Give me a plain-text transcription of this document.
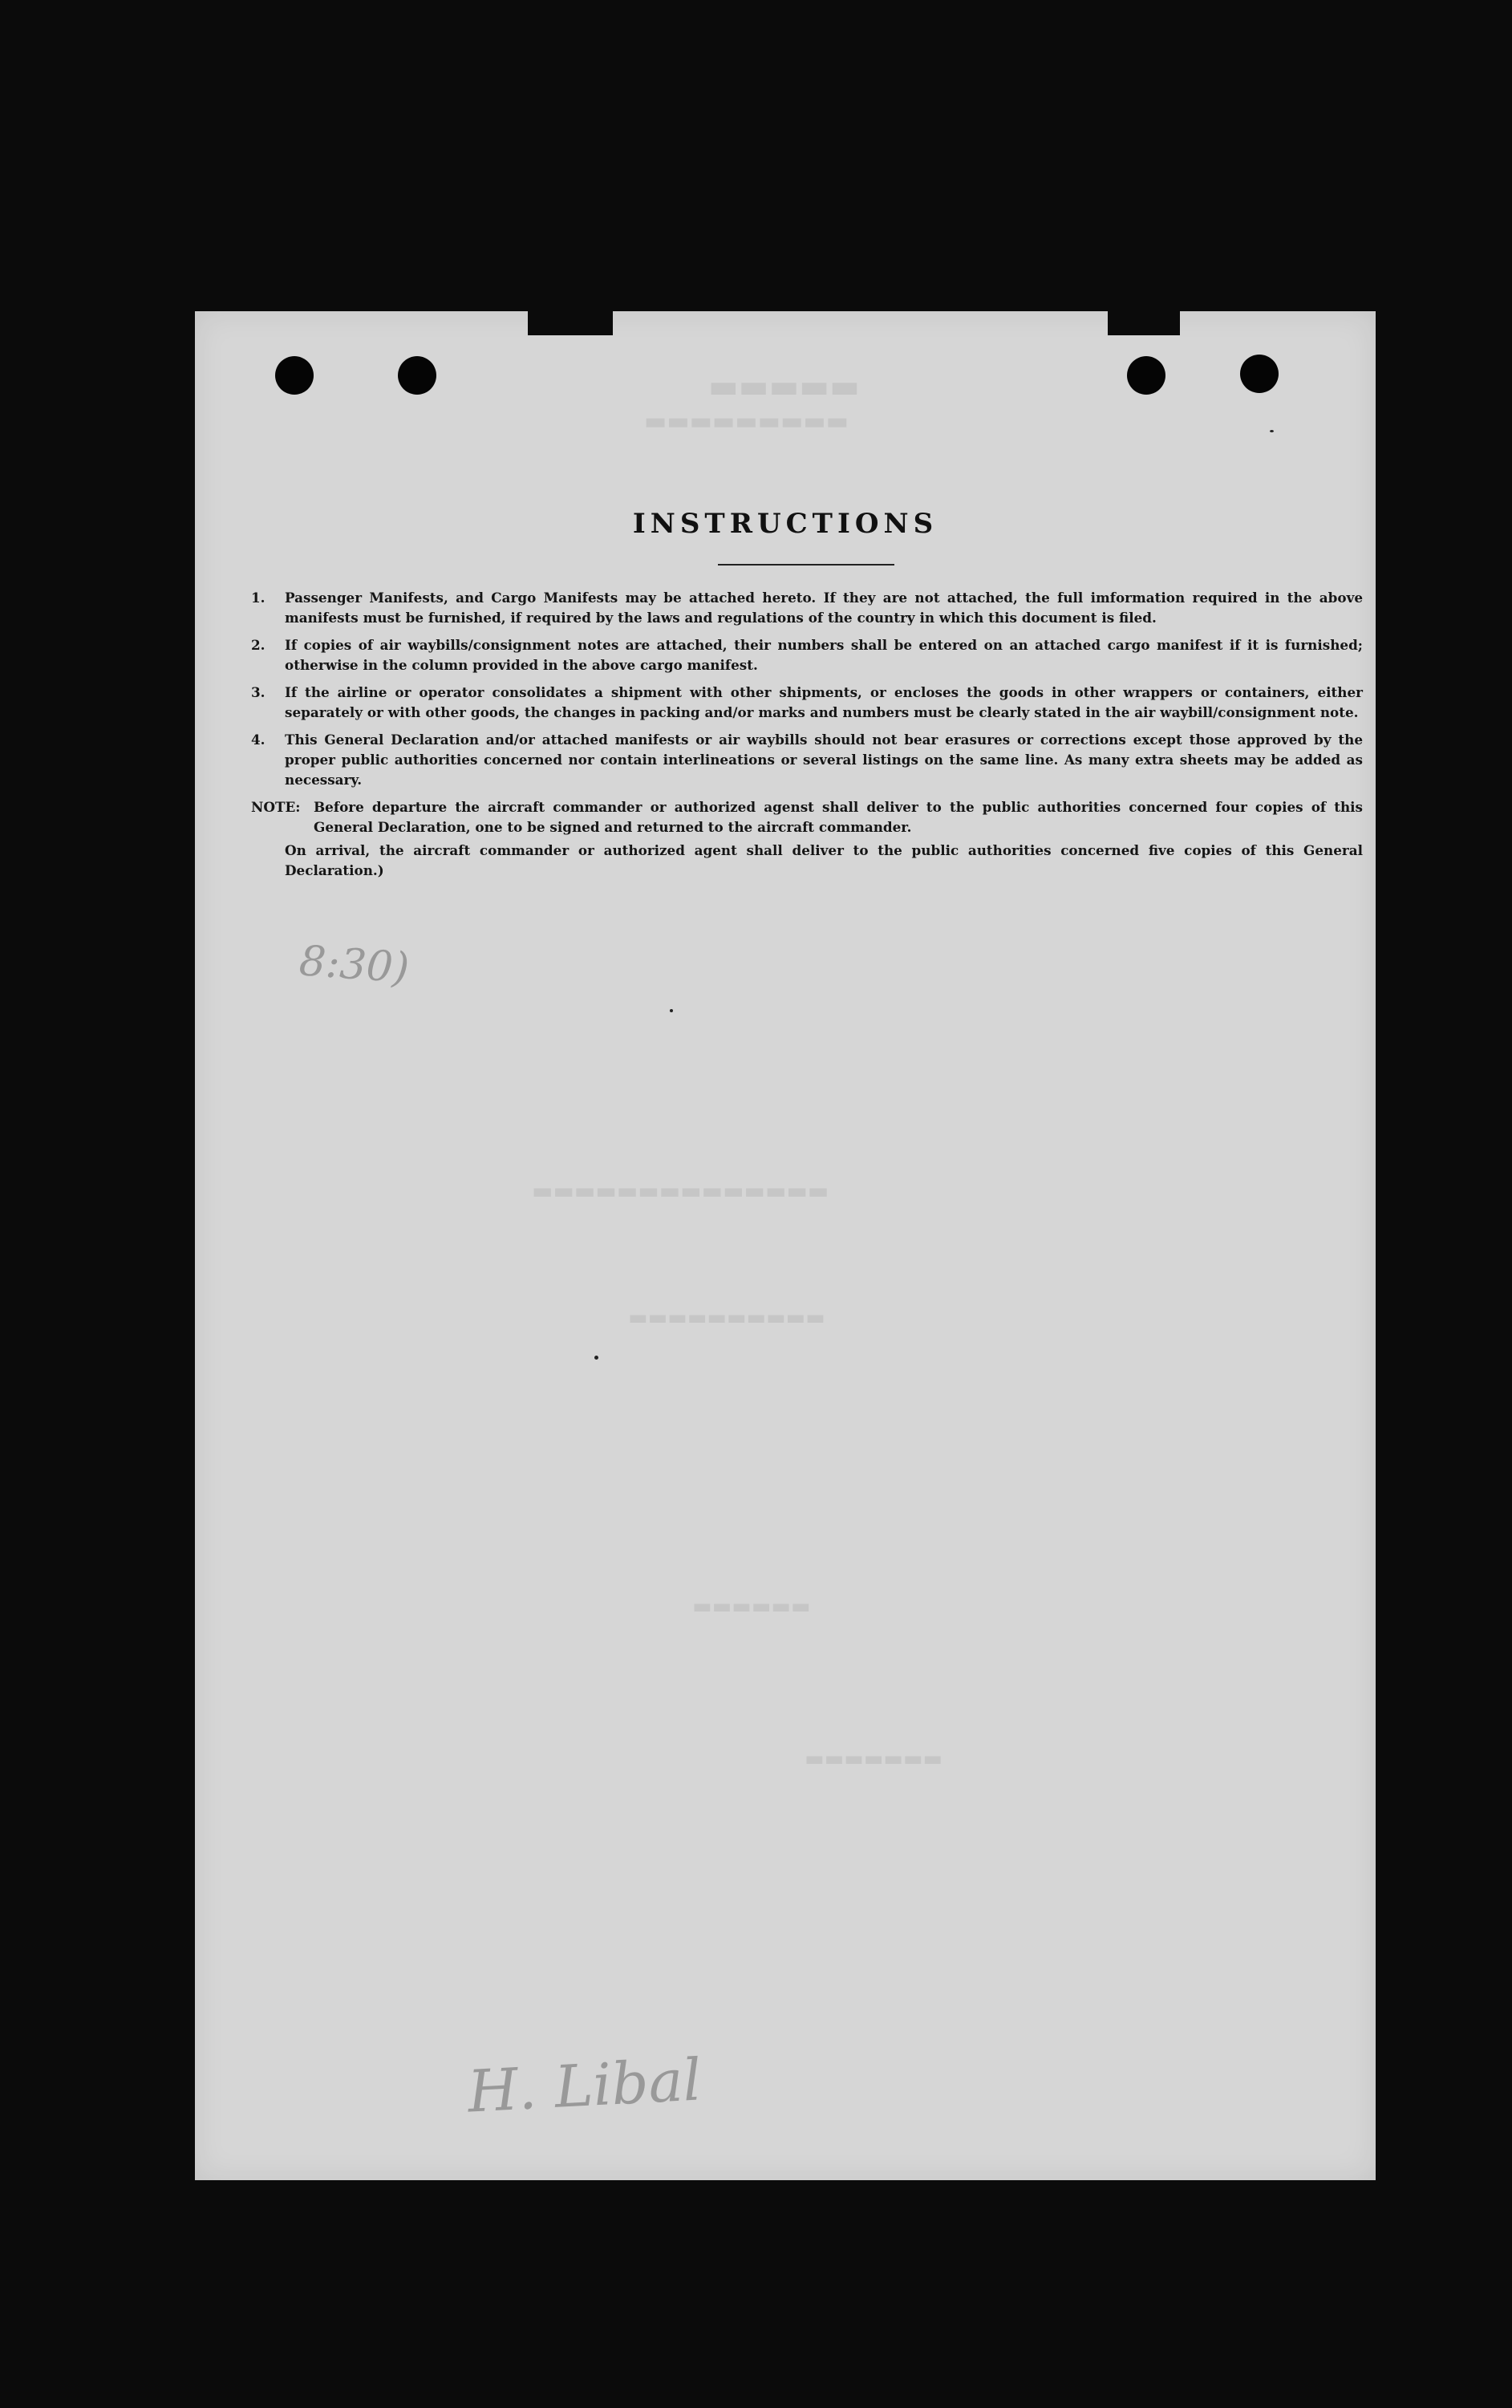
▬▬▬▬▬
▬▬▬▬▬▬▬▬▬
▬▬▬▬▬▬▬▬▬▬▬▬▬▬
▬▬▬▬▬▬▬▬▬▬
▬▬▬▬▬▬
▬▬▬▬▬▬▬
INSTRUCTIONS
1.	Passenger Manifests, and Cargo Manifests may be attached hereto. If they are not attached, the full imformation required in the above manifests must be furnished, if required by the laws and regulations of the country in which this document is filed.
2.	If copies of air waybills/consignment notes are attached, their numbers shall be entered on an attached cargo manifest if it is furnished; otherwise in the column provided in the above cargo manifest.
3.	If the airline or operator consolidates a shipment with other shipments, or encloses the goods in other wrappers or containers, either separately or with other goods, the changes in packing and/or marks and numbers must be clearly stated in the air waybill/consignment note.
4.	This General Declaration and/or attached manifests or air waybills should not bear erasures or corrections except those approved by the proper public authorities concerned nor contain interlineations or several listings on the same line. As many extra sheets may be added as necessary.
NOTE: Before departure the aircraft commander or authorized agenst shall deliver to the public authorities concerned four copies of this General Declaration, one to be signed and returned to the aircraft commander.
On arrival, the aircraft commander or authorized agent shall deliver to the public authorities concerned five copies of this General Declaration.)
8:30)
H. Libal
